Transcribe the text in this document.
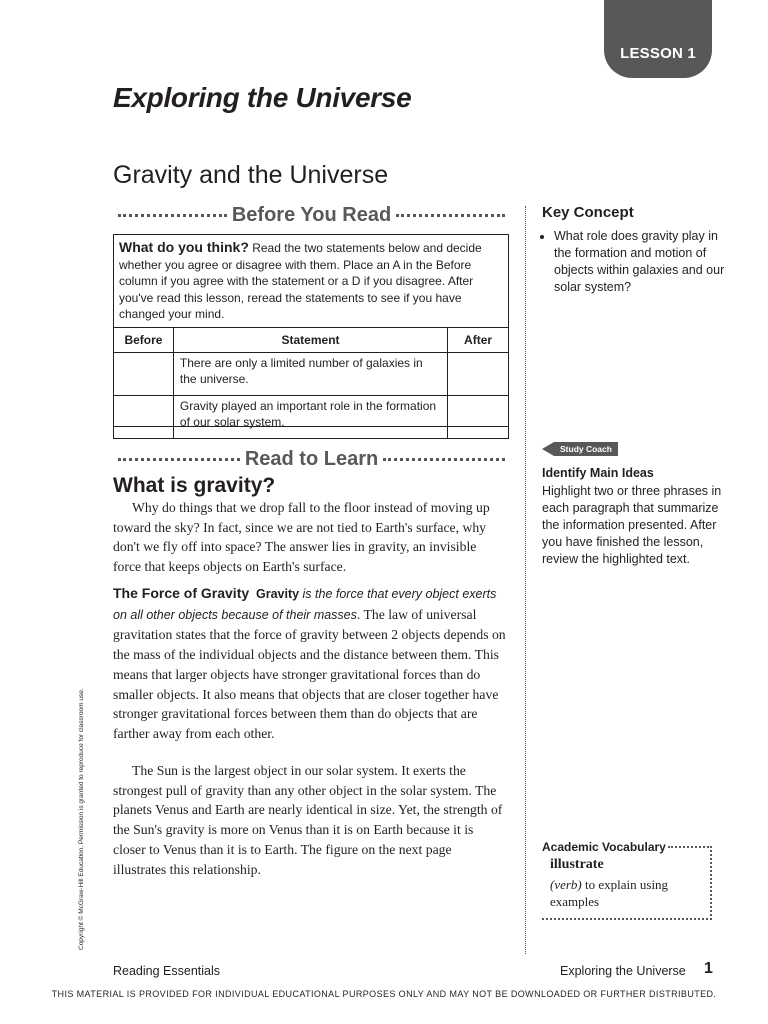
LESSON 1
Exploring the Universe
Gravity and the Universe
Before You Read
What do you think? Read the two statements below and decide whether you agree or disagree with them. Place an A in the Before column if you agree with the statement or a D if you disagree. After you've read this lesson, reread the statements to see if you have changed your mind.
Before	Statement	After
	There are only a limited number of galaxies in the universe.	
	Gravity played an important role in the formation of our solar system.	
Key Concept
• What role does gravity play in the formation and motion of objects within galaxies and our solar system?
Read to Learn
What is gravity?
Why do things that we drop fall to the floor instead of moving up toward the sky? In fact, since we are not tied to Earth's surface, why don't we fly off into space? The answer lies in gravity, an invisible force that keeps objects on Earth's surface.
The Force of Gravity Gravity is the force that every object exerts on all other objects because of their masses. The law of universal gravitation states that the force of gravity between 2 objects depends on the mass of the individual objects and the distance between them. This means that larger objects have stronger gravitational forces than do smaller objects. It also means that objects that are closer together have stronger gravitational forces between them than do objects that are farther away from each other.
The Sun is the largest object in our solar system. It exerts the strongest pull of gravity than any other object in the solar system. The planets Venus and Earth are nearly identical in size. Yet, the strength of the Sun's gravity is more on Venus than it is on Earth because it is closer to Venus than it is to Earth. The figure on the next page illustrates this relationship.
Study Coach
Identify Main Ideas
Highlight two or three phrases in each paragraph that summarize the information presented. After you have finished the lesson, review the highlighted text.
Academic Vocabulary
illustrate
(verb) to explain using examples
Copyright © McGraw-Hill Education. Permission is granted to reproduce for classroom use.
Reading Essentials	Exploring the Universe 1
THIS MATERIAL IS PROVIDED FOR INDIVIDUAL EDUCATIONAL PURPOSES ONLY AND MAY NOT BE DOWNLOADED OR FURTHER DISTRIBUTED.
